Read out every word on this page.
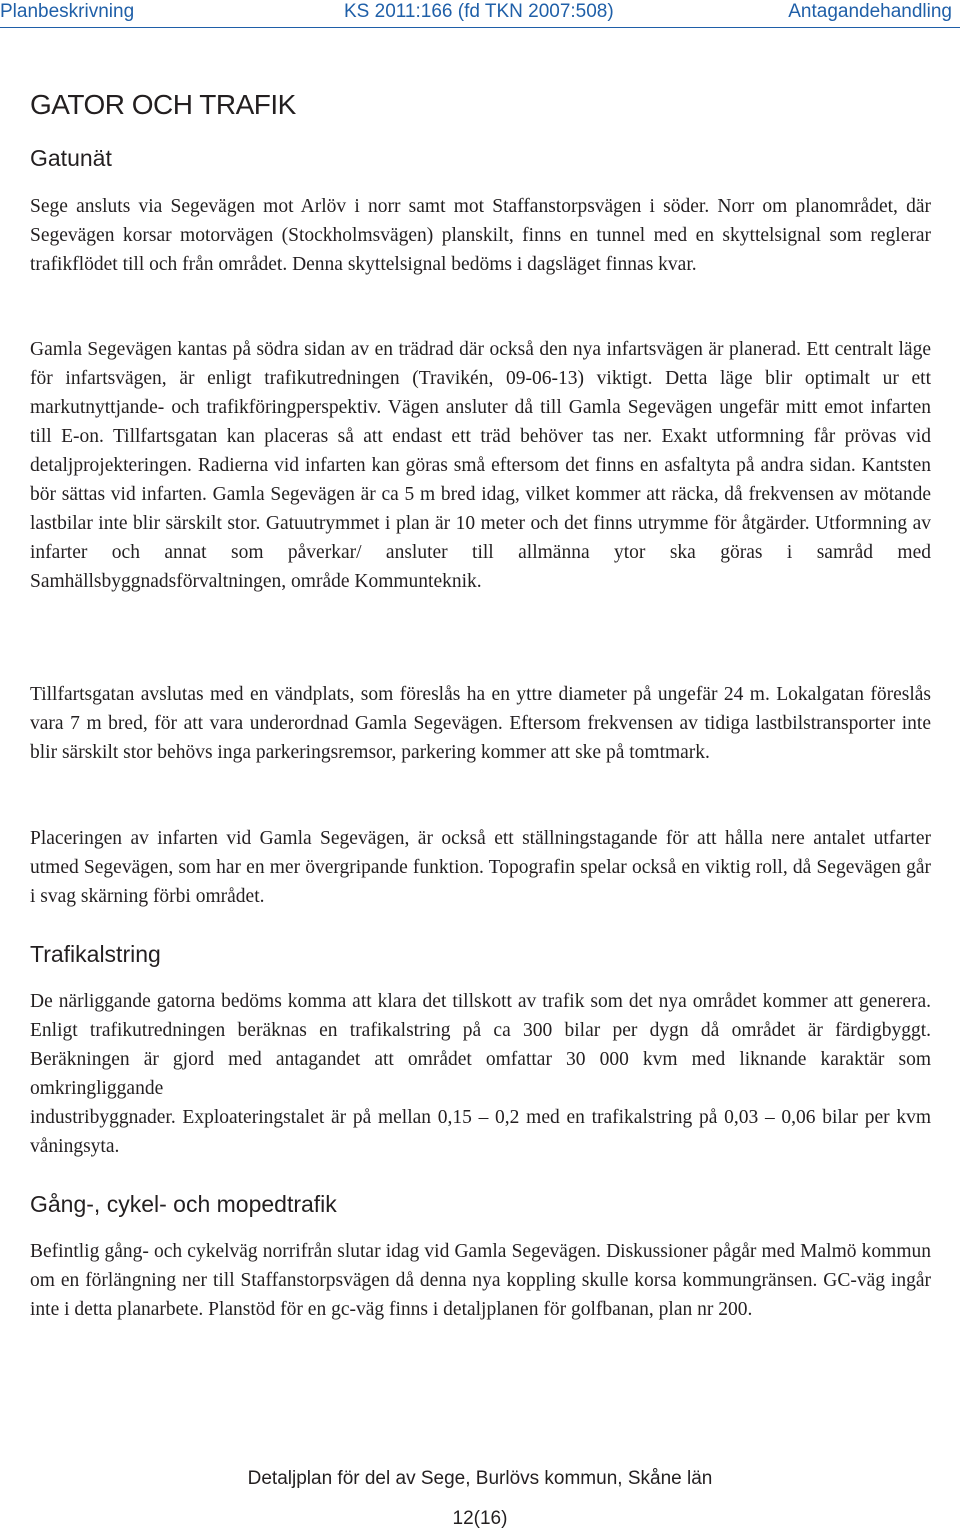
Planbeskrivning	KS 2011:166 (fd TKN 2007:508)	Antagandehandling
GATOR OCH TRAFIK
Gatunät

Sege ansluts via Segevägen mot Arlöv i norr samt mot Staffanstorpsvägen i söder. Norr om planområdet, där Segevägen korsar motorvägen (Stockholmsvägen) planskilt, finns en tunnel med en skyttelsignal som reglerar trafikflödet till och från området. Denna skyttelsignal bedöms i dagsläget finnas kvar.

Gamla Segevägen kantas på södra sidan av en trädrad där också den nya infartsvägen är planerad. Ett centralt läge för infartsvägen, är enligt trafikutredningen (Travikén, 09-06-13) viktigt. Detta läge blir optimalt ur ett markutnyttjande- och trafikföringperspektiv. Vägen ansluter då till Gamla Segevägen ungefär mitt emot infarten till E-on. Tillfartsgatan kan placeras så att endast ett träd behöver tas ner. Exakt utformning får prövas vid detaljprojekteringen. Radierna vid infarten kan göras små eftersom det finns en asfaltyta på andra sidan. Kantsten bör sättas vid infarten. Gamla Segevägen är ca 5 m bred idag, vilket kommer att räcka, då frekvensen av mötande lastbilar inte blir särskilt stor. Gatuutrymmet i plan är 10 meter och det finns utrymme för åtgärder. Utformning av infarter och annat som påverkar/ ansluter till allmänna ytor ska göras i samråd med Samhällsbyggnadsförvaltningen, område Kommunteknik.

Tillfartsgatan avslutas med en vändplats, som föreslås ha en yttre diameter på ungefär 24 m. Lokalgatan föreslås vara 7 m bred, för att vara underordnad Gamla Segevägen. Eftersom frekvensen av tidiga lastbilstransporter inte blir särskilt stor behövs inga parkeringsremsor, parkering kommer att ske på tomtmark.

Placeringen av infarten vid Gamla Segevägen, är också ett ställningstagande för att hålla nere antalet utfarter utmed Segevägen, som har en mer övergripande funktion. Topografin spelar också en viktig roll, då Segevägen går i svag skärning förbi området.

Trafikalstring

De närliggande gatorna bedöms komma att klara det tillskott av trafik som det nya området kommer att generera. Enligt trafikutredningen beräknas en trafikalstring på ca 300 bilar per dygn då området är färdigbyggt. Beräkningen är gjord med antagandet att området omfattar 30 000 kvm med liknande karaktär som omkringliggande

industribyggnader. Exploateringstalet är på mellan 0,15 – 0,2 med en trafikalstring på 0,03 – 0,06 bilar per kvm våningsyta.

Gång-, cykel- och mopedtrafik

Befintlig gång- och cykelväg norrifrån slutar idag vid Gamla Segevägen. Diskussioner pågår med Malmö kommun om en förlängning ner till Staffanstorpsvägen då denna nya koppling skulle korsa kommungränsen. GC-väg ingår inte i detta planarbete. Planstöd för en gc-väg finns i detaljplanen för golfbanan, plan nr 200.

Detaljplan för del av Sege, Burlövs kommun, Skåne län
12(16)
